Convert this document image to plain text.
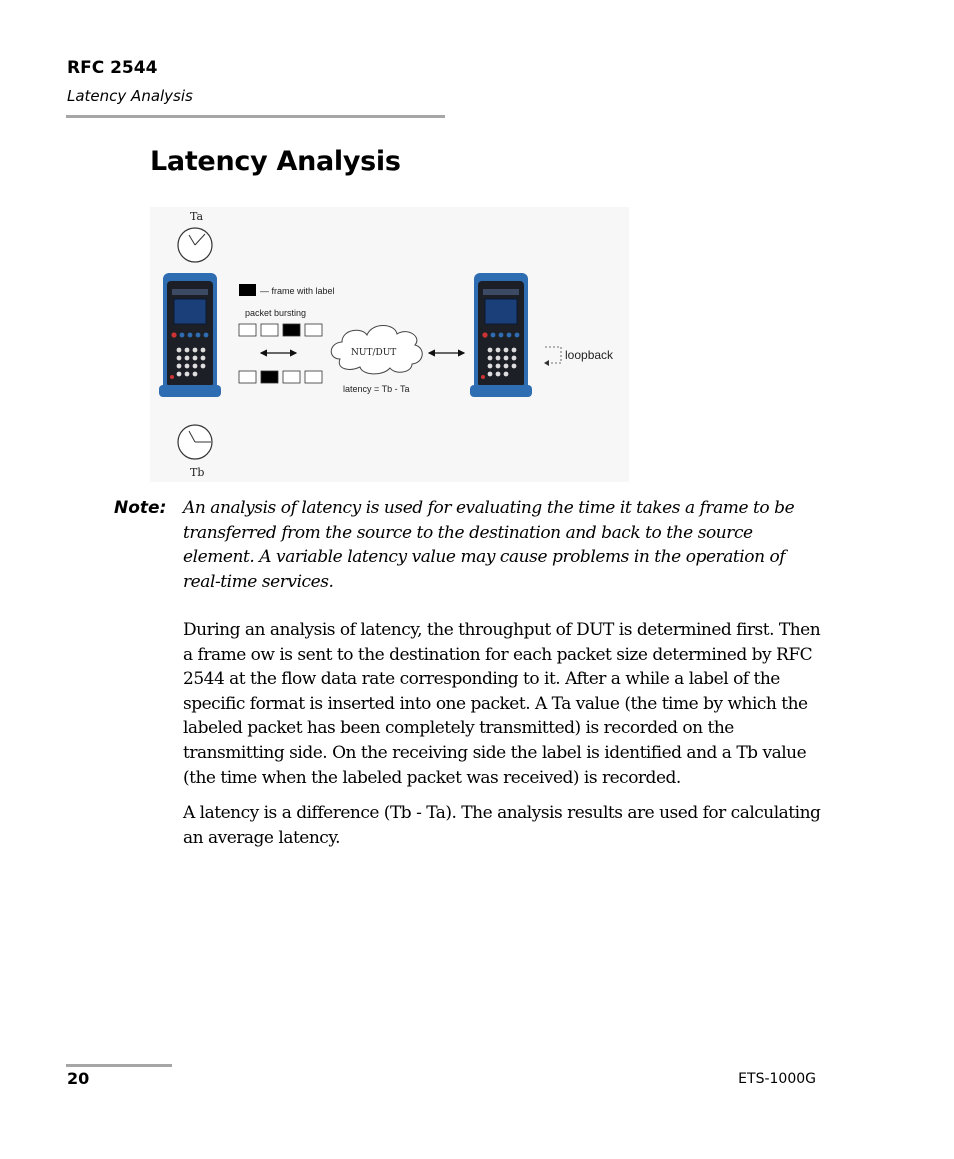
RFC 2544
Latency Analysis
Latency Analysis
Ta
— frame with label
packet bursting
NUT/DUT
latency = Tb - Ta
loopback
Tb
Note: An analysis of latency is used for evaluating the time it takes a frame to be transferred from the source to the destination and back to the source element. A variable latency value may cause problems in the operation of real-time services.

During an analysis of latency, the throughput of DUT is determined first. Then a frame ow is sent to the destination for each packet size determined by RFC 2544 at the flow data rate corresponding to it. After a while a label of the specific format is inserted into one packet. A Ta value (the time by which the labeled packet has been completely transmitted) is recorded on the transmitting side. On the receiving side the label is identified and a Tb value (the time when the labeled packet was received) is recorded.

A latency is a difference (Tb - Ta). The analysis results are used for calculating an average latency.

20	ETS-1000G
